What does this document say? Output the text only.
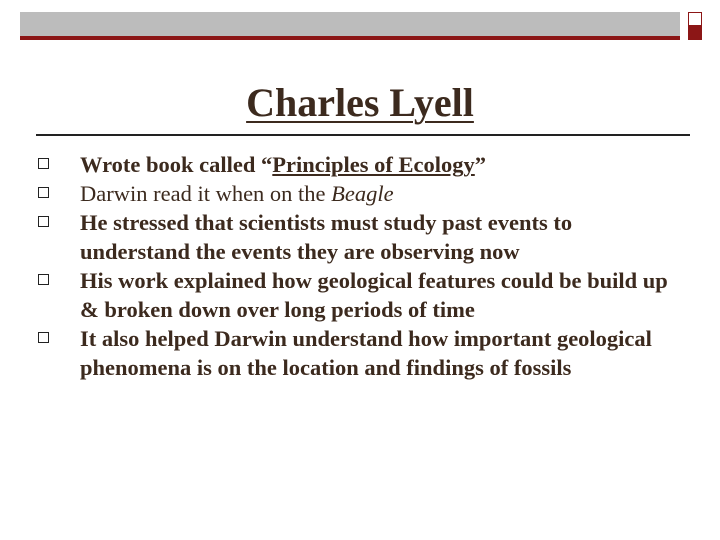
Charles Lyell
Wrote book called “Principles of Ecology”
Darwin read it when on the Beagle
He stressed that scientists must study past events to understand the events they are observing now
His work explained how geological features could be build up & broken down over long periods of time
It also helped Darwin understand how important geological phenomena is on the location and findings of fossils
